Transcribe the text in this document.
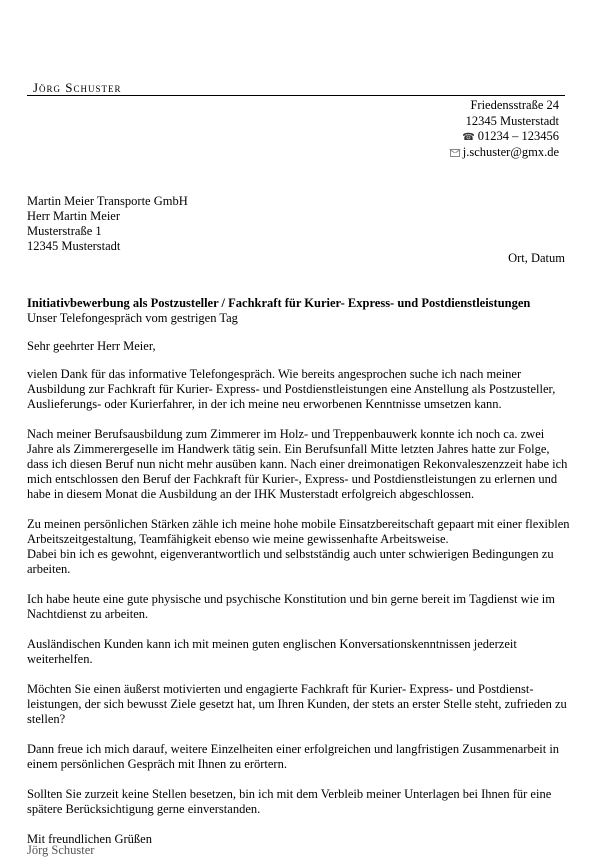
Jörg Schuster
Friedensstraße 24
12345 Musterstadt
☎ 01234 – 123456
j.schuster@gmx.de
Martin Meier Transporte GmbH
Herr Martin Meier
Musterstraße 1
12345 Musterstadt
Ort, Datum
Initiativbewerbung als Postzusteller / Fachkraft für Kurier- Express- und Postdienstleistungen
Unser Telefongespräch vom gestrigen Tag

Sehr geehrter Herr Meier,

vielen Dank für das informative Telefongespräch. Wie bereits angesprochen suche ich nach meiner Ausbildung zur Fachkraft für Kurier- Express- und Postdienstleistungen eine Anstellung als Postzusteller, Auslieferungs- oder Kurierfahrer, in der ich meine neu erworbenen Kenntnisse umsetzen kann.

Nach meiner Berufsausbildung zum Zimmerer im Holz- und Treppenbauwerk konnte ich noch ca. zwei Jahre als Zimmerergeselle im Handwerk tätig sein. Ein Berufsunfall Mitte letzten Jahres hatte zur Folge, dass ich diesen Beruf nun nicht mehr ausüben kann. Nach einer dreimonatigen Rekonvaleszenzzeit habe ich mich entschlossen den Beruf der Fachkraft für Kurier-, Express- und Postdienstleistungen zu erlernen und habe in diesem Monat die Ausbildung an der IHK Musterstadt erfolgreich abgeschlossen.

Zu meinen persönlichen Stärken zähle ich meine hohe mobile Einsatzbereitschaft gepaart mit einer flexiblen Arbeitszeitgestaltung, Teamfähigkeit ebenso wie meine gewissenhafte Arbeitsweise.
Dabei bin ich es gewohnt, eigenverantwortlich und selbstständig auch unter schwierigen Bedingungen zu arbeiten.

Ich habe heute eine gute physische und psychische Konstitution und bin gerne bereit im Tagdienst wie im Nachtdienst zu arbeiten.

Ausländischen Kunden kann ich mit meinen guten englischen Konversationskenntnissen jederzeit weiterhelfen.

Möchten Sie einen äußerst motivierten und engagierte Fachkraft für Kurier- Express- und Postdienst-leistungen, der sich bewusst Ziele gesetzt hat, um Ihren Kunden, der stets an erster Stelle steht, zufrieden zu stellen?

Dann freue ich mich darauf, weitere Einzelheiten einer erfolgreichen und langfristigen Zusammenarbeit in einem persönlichen Gespräch mit Ihnen zu erörtern.

Sollten Sie zurzeit keine Stellen besetzen, bin ich mit dem Verbleib meiner Unterlagen bei Ihnen für eine spätere Berücksichtigung gerne einverstanden.

Mit freundlichen Grüßen

Jörg Schuster
